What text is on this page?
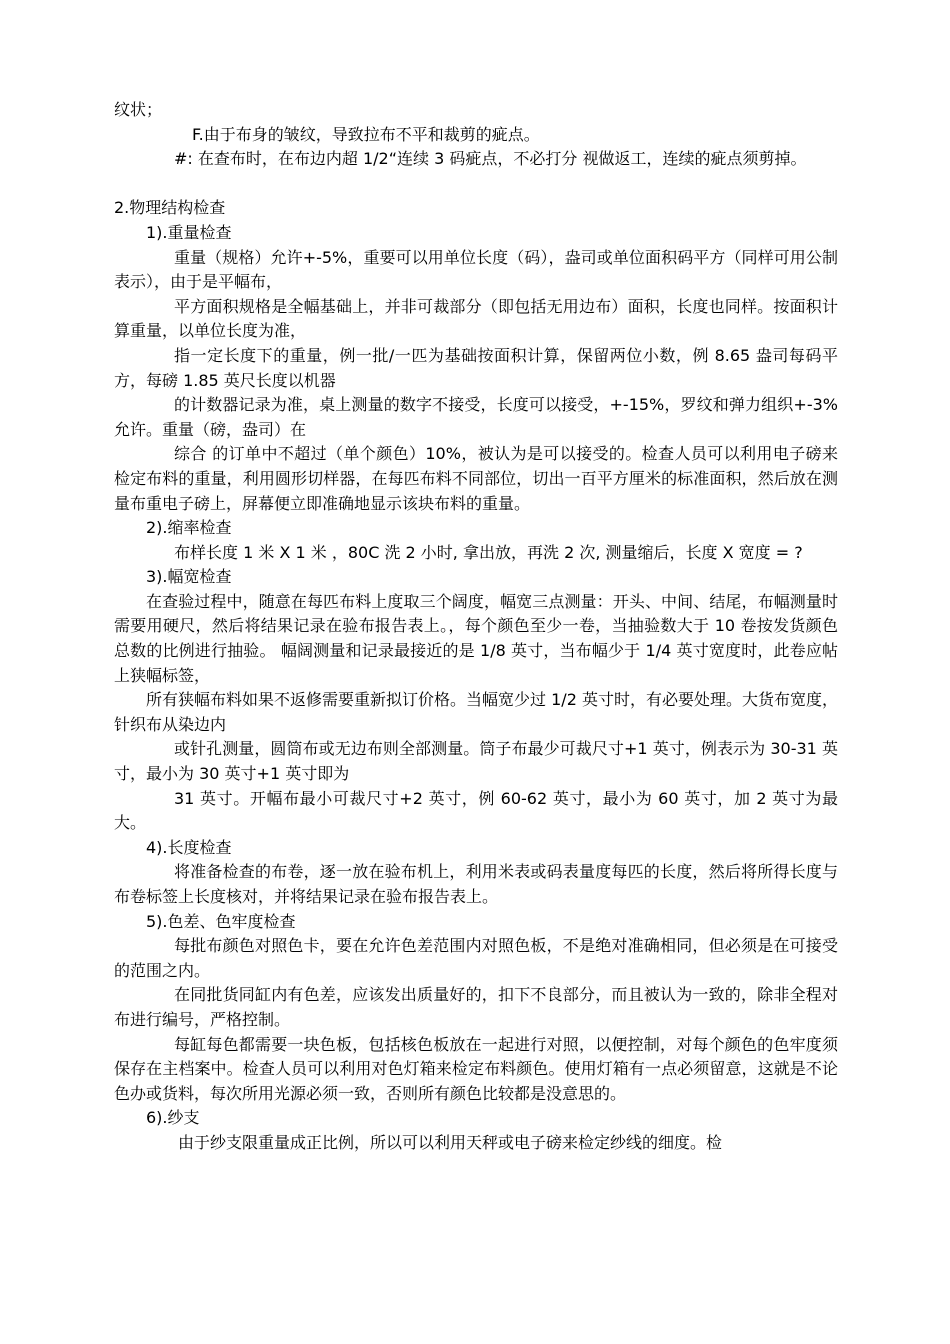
纹状；

F.由于布身的皱纹，导致拉布不平和裁剪的疵点。

#: 在查布时，在布边内超 1/2“连续 3 码疵点，不必打分 视做返工，连续的疵点须剪掉。

2.物理结构检查

1).重量检查

重量（规格）允许+-5%，重要可以用单位长度（码），盎司或单位面积码平方（同样可用公制表示），由于是平幅布，

平方面积规格是全幅基础上，并非可裁部分（即包括无用边布）面积，长度也同样。按面积计算重量，以单位长度为准，

指一定长度下的重量，例一批/一匹为基础按面积计算，保留两位小数，例 8.65 盎司每码平方，每磅 1.85 英尺长度以机器

的计数器记录为准，桌上测量的数字不接受，长度可以接受，+-15%，罗纹和弹力组织+-3%允许。重量（磅，盎司）在

综合 的订单中不超过（单个颜色）10%，被认为是可以接受的。检查人员可以利用电子磅来检定布料的重量，利用圆形切样器，在每匹布料不同部位，切出一百平方厘米的标准面积，然后放在测量布重电子磅上，屏幕便立即准确地显示该块布料的重量。

2).缩率检查

布样长度 1 米 X 1 米 ，80C 洗 2 小时, 拿出放，再洗 2 次, 测量缩后，长度 X 宽度 = ?

3).幅宽检查

在查验过程中，随意在每匹布料上度取三个阔度，幅宽三点测量：开头、中间、结尾，布幅测量时需要用硬尺，然后将结果记录在验布报告表上。，每个颜色至少一卷，当抽验数大于 10 卷按发货颜色总数的比例进行抽验。 幅阔测量和记录最接近的是 1/8 英寸，当布幅少于 1/4 英寸宽度时，此卷应帖上狭幅标签，

所有狭幅布料如果不返修需要重新拟订价格。当幅宽少过 1/2 英寸时，有必要处理。大货布宽度，针织布从染边内

或针孔测量，圆筒布或无边布则全部测量。筒子布最少可裁尺寸+1 英寸，例表示为 30-31 英寸，最小为 30 英寸+1 英寸即为

31 英寸。开幅布最小可裁尺寸+2 英寸，例 60-62 英寸，最小为 60 英寸，加 2 英寸为最大。

4).长度检查

将准备检查的布卷，逐一放在验布机上，利用米表或码表量度每匹的长度，然后将所得长度与布卷标签上长度核对，并将结果记录在验布报告表上。

5).色差、色牢度检查

每批布颜色对照色卡，要在允许色差范围内对照色板，不是绝对准确相同，但必须是在可接受的范围之内。

在同批货同缸内有色差，应该发出质量好的，扣下不良部分，而且被认为一致的，除非全程对布进行编号，严格控制。

每缸每色都需要一块色板，包括核色板放在一起进行对照，以便控制，对每个颜色的色牢度须保存在主档案中。检查人员可以利用对色灯箱来检定布料颜色。使用灯箱有一点必须留意，这就是不论色办或货料，每次所用光源必须一致，否则所有颜色比较都是没意思的。

6).纱支

由于纱支限重量成正比例，所以可以利用天秤或电子磅来检定纱线的细度。检
